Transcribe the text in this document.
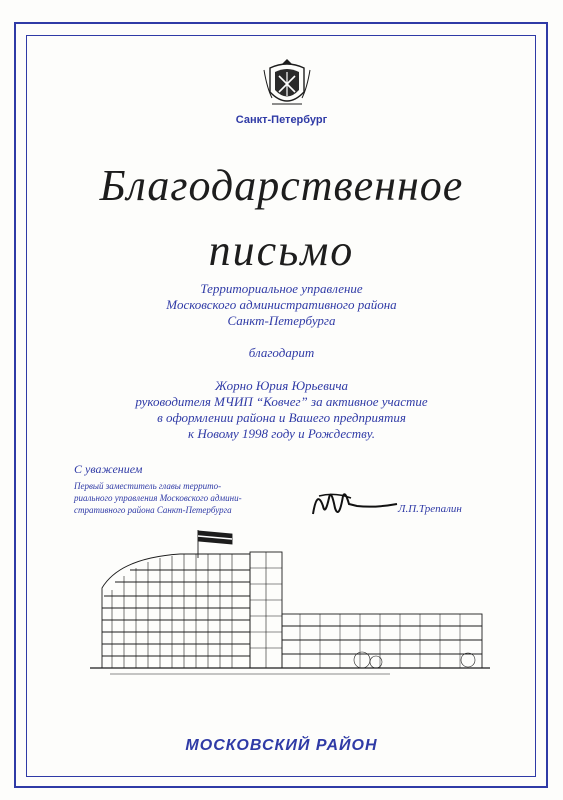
Санкт-Петербург
Благодарственное
письмо
Территориальное управление
Московского административного района
Санкт-Петербурга
благодарит
Жорно Юрия Юрьевича
руководителя МЧИП “Ковчег” за активное участие
в оформлении района и Вашего предприятия
к Новому 1998 году и Рождеству.
С уважением
Первый заместитель главы террито-
риального управления Московского админи-
стративного района Санкт-Петербурга	Л.П.Трепалин
МОСКОВСКИЙ РАЙОН
